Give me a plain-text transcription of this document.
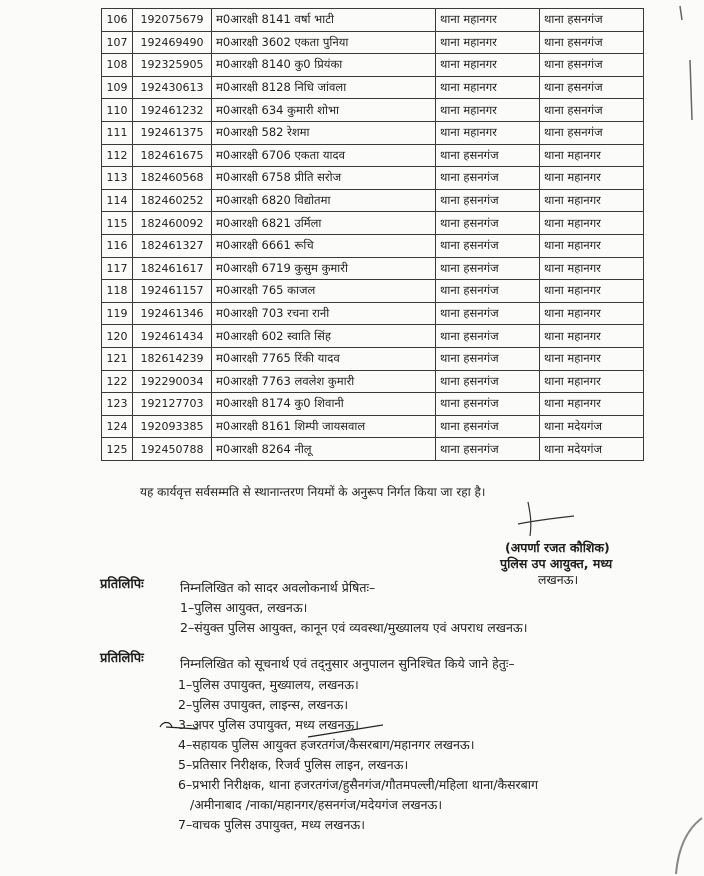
106	192075679	म0आरक्षी 8141 वर्षा भाटी	थाना महानगर	थाना हसनगंज
107	192469490	म0आरक्षी 3602 एकता पुनिया	थाना महानगर	थाना हसनगंज
108	192325905	म0आरक्षी 8140 कु0 प्रियंका	थाना महानगर	थाना हसनगंज
109	192430613	म0आरक्षी 8128 निधि जांवला	थाना महानगर	थाना हसनगंज
110	192461232	म0आरक्षी 634 कुमारी शोभा	थाना महानगर	थाना हसनगंज
111	192461375	म0आरक्षी 582 रेशमा	थाना महानगर	थाना हसनगंज
112	182461675	म0आरक्षी 6706 एकता यादव	थाना हसनगंज	थाना महानगर
113	182460568	म0आरक्षी 6758 प्रीति सरोज	थाना हसनगंज	थाना महानगर
114	182460252	म0आरक्षी 6820 विद्योतमा	थाना हसनगंज	थाना महानगर
115	182460092	म0आरक्षी 6821 उर्मिला	थाना हसनगंज	थाना महानगर
116	182461327	म0आरक्षी 6661 रूचि	थाना हसनगंज	थाना महानगर
117	182461617	म0आरक्षी 6719 कुसुम कुमारी	थाना हसनगंज	थाना महानगर
118	192461157	म0आरक्षी 765 काजल	थाना हसनगंज	थाना महानगर
119	192461346	म0आरक्षी 703 रचना रानी	थाना हसनगंज	थाना महानगर
120	192461434	म0आरक्षी 602 स्वाति सिंह	थाना हसनगंज	थाना महानगर
121	182614239	म0आरक्षी 7765 रिंकी यादव	थाना हसनगंज	थाना महानगर
122	192290034	म0आरक्षी 7763 लवलेश कुमारी	थाना हसनगंज	थाना महानगर
123	192127703	म0आरक्षी 8174 कु0 शिवानी	थाना हसनगंज	थाना महानगर
124	192093385	म0आरक्षी 8161 शिम्पी जायसवाल	थाना हसनगंज	थाना मदेयगंज
125	192450788	म0आरक्षी 8264 नीलू	थाना हसनगंज	थाना मदेयगंज
यह कार्यवृत्त सर्वसम्मति से स्थानान्तरण नियमों के अनुरूप निर्गत किया जा रहा है।
(अपर्णा रजत कौशिक)
पुलिस उप आयुक्त, मध्य
लखनऊ।
प्रतिलिपिः	निम्नलिखित को सादर अवलोकनार्थ प्रेषितः–
1–पुलिस आयुक्त, लखनऊ।
2–संयुक्त पुलिस आयुक्त, कानून एवं व्यवस्था/मुख्यालय एवं अपराध लखनऊ।
प्रतिलिपिः	निम्नलिखित को सूचनार्थ एवं तद्नुसार अनुपालन सुनिश्चित किये जाने हेतुः–
1–पुलिस उपायुक्त, मुख्यालय, लखनऊ।
2–पुलिस उपायुक्त, लाइन्स, लखनऊ।
3–अपर पुलिस उपायुक्त, मध्य लखनऊ।
4–सहायक पुलिस आयुक्त हजरतगंज/कैसरबाग/महानगर लखनऊ।
5–प्रतिसार निरीक्षक, रिजर्व पुलिस लाइन, लखनऊ।
6–प्रभारी निरीक्षक, थाना हजरतगंज/हुसैनगंज/गौतमपल्ली/महिला थाना/कैसरबाग
/अमीनाबाद /नाका/महानगर/हसनगंज/मदेयगंज लखनऊ।
7–वाचक पुलिस उपायुक्त, मध्य लखनऊ।
